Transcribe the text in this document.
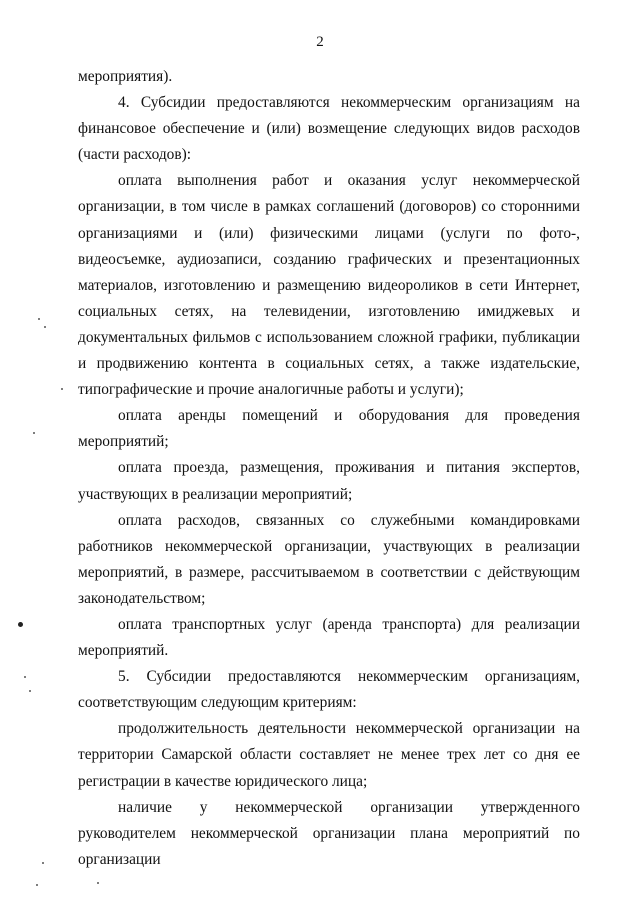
2

мероприятия).

4. Субсидии предоставляются некоммерческим организациям на финансовое обеспечение и (или) возмещение следующих видов расходов (части расходов):

оплата выполнения работ и оказания услуг некоммерческой организации, в том числе в рамках соглашений (договоров) со сторонними организациями и (или) физическими лицами (услуги по фото-, видеосъемке, аудиозаписи, созданию графических и презентационных материалов, изготовлению и размещению видеороликов в сети Интернет, социальных сетях, на телевидении, изготовлению имиджевых и документальных фильмов с использованием сложной графики, публикации и продвижению контента в социальных сетях, а также издательские, типографические и прочие аналогичные работы и услуги);

оплата аренды помещений и оборудования для проведения мероприятий;

оплата проезда, размещения, проживания и питания экспертов, участвующих в реализации мероприятий;

оплата расходов, связанных со служебными командировками работников некоммерческой организации, участвующих в реализации мероприятий, в размере, рассчитываемом в соответствии с действующим законодательством;

оплата транспортных услуг (аренда транспорта) для реализации мероприятий.

5. Субсидии предоставляются некоммерческим организациям, соответствующим следующим критериям:

продолжительность деятельности некоммерческой организации на территории Самарской области составляет не менее трех лет со дня ее регистрации в качестве юридического лица;

наличие у некоммерческой организации утвержденного руководителем некоммерческой организации плана мероприятий по организации
